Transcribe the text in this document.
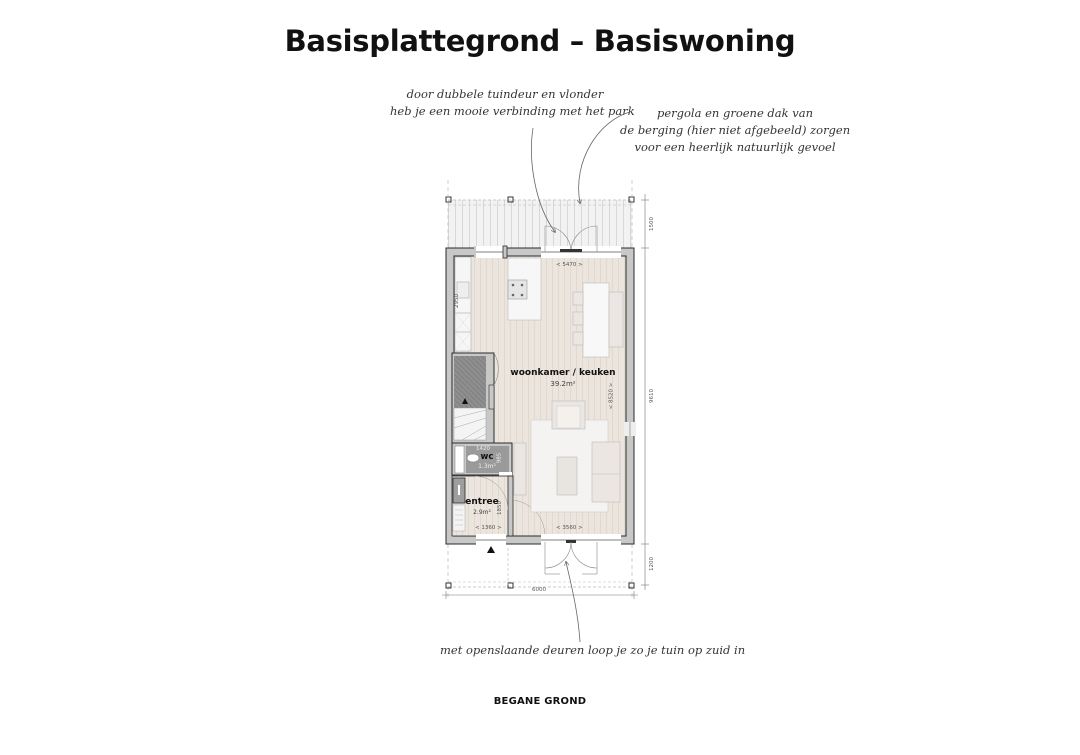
Basisplattegrond – Basiswoning
door dubbele tuindeur en vlonder
heb je een mooie verbinding met het park	pergola en groene dak van
de berging (hier niet afgebeeld) zorgen
voor een heerlijk natuurlijk gevoel
met openslaande deuren loop je zo je tuin op zuid in
woonkamer / keuken
39.2m²
wc
1.3m²
entree
2.9m²
< 5470 >
2950
< 8520 >
1420
985
1850
< 1360 >	< 3560 >
1500
9610
1200
6000
BEGANE GROND
